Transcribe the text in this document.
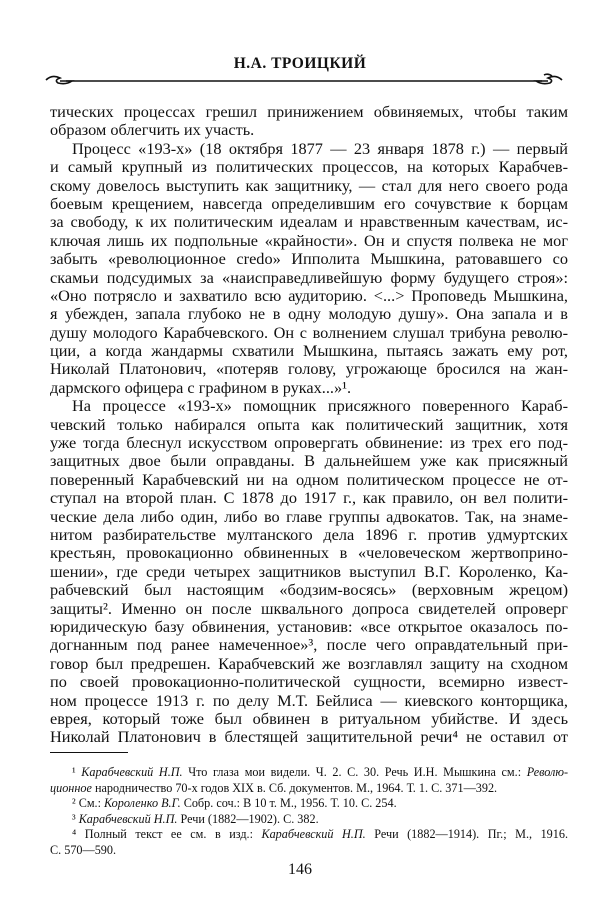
Н.А. ТРОИЦКИЙ
тических процессах грешил принижением обвиняемых, чтобы таким
образом облегчить их участь.
Процесс «193-х» (18 октября 1877 — 23 января 1878 г.) — первый
и самый крупный из политических процессов, на которых Карабчев-
скому довелось выступить как защитнику, — стал для него своего рода
боевым крещением, навсегда определившим его сочувствие к борцам
за свободу, к их политическим идеалам и нравственным качествам, ис-
ключая лишь их подпольные «крайности». Он и спустя полвека не мог
забыть «революционное credo» Ипполита Мышкина, ратовавшего со
скамьи подсудимых за «наисправедливейшую форму будущего строя»:
«Оно потрясло и захватило всю аудиторию. <...> Проповедь Мышкина,
я убежден, запала глубоко не в одну молодую душу». Она запала и в
душу молодого Карабчевского. Он с волнением слушал трибуна револю-
ции, а когда жандармы схватили Мышкина, пытаясь зажать ему рот,
Николай Платонович, «потеряв голову, угрожающе бросился на жан-
дармского офицера с графином в руках...»¹.
На процессе «193-х» помощник присяжного поверенного Караб-
чевский только набирался опыта как политический защитник, хотя
уже тогда блеснул искусством опровергать обвинение: из трех его под-
защитных двое были оправданы. В дальнейшем уже как присяжный
поверенный Карабчевский ни на одном политическом процессе не от-
ступал на второй план. С 1878 до 1917 г., как правило, он вел полити-
ческие дела либо один, либо во главе группы адвокатов. Так, на знаме-
нитом разбирательстве мултанского дела 1896 г. против удмуртских
крестьян, провокационно обвиненных в «человеческом жертвоприно-
шении», где среди четырех защитников выступил В.Г. Короленко, Ка-
рабчевский был настоящим «бодзим-восясь» (верховным жрецом)
защиты². Именно он после шквального допроса свидетелей опроверг
юридическую базу обвинения, установив: «все открытое оказалось по-
догнанным под ранее намеченное»³, после чего оправдательный при-
говор был предрешен. Карабчевский же возглавлял защиту на сходном
по своей провокационно-политической сущности, всемирно извест-
ном процессе 1913 г. по делу М.Т. Бейлиса — киевского конторщика,
еврея, который тоже был обвинен в ритуальном убийстве. И здесь
Николай Платонович в блестящей защитительной речи⁴ не оставил от
¹ Карабчевский Н.П. Что глаза мои видели. Ч. 2. С. 30. Речь И.Н. Мышкина см.: Револю-
ционное народничество 70-х годов XIX в. Сб. документов. М., 1964. Т. 1. С. 371—392.
² См.: Короленко В.Г. Собр. соч.: В 10 т. М., 1956. Т. 10. С. 254.
³ Карабчевский Н.П. Речи (1882—1902). С. 382.
⁴ Полный текст ее см. в изд.: Карабчевский Н.П. Речи (1882—1914). Пг.; М., 1916.
С. 570—590.
146
